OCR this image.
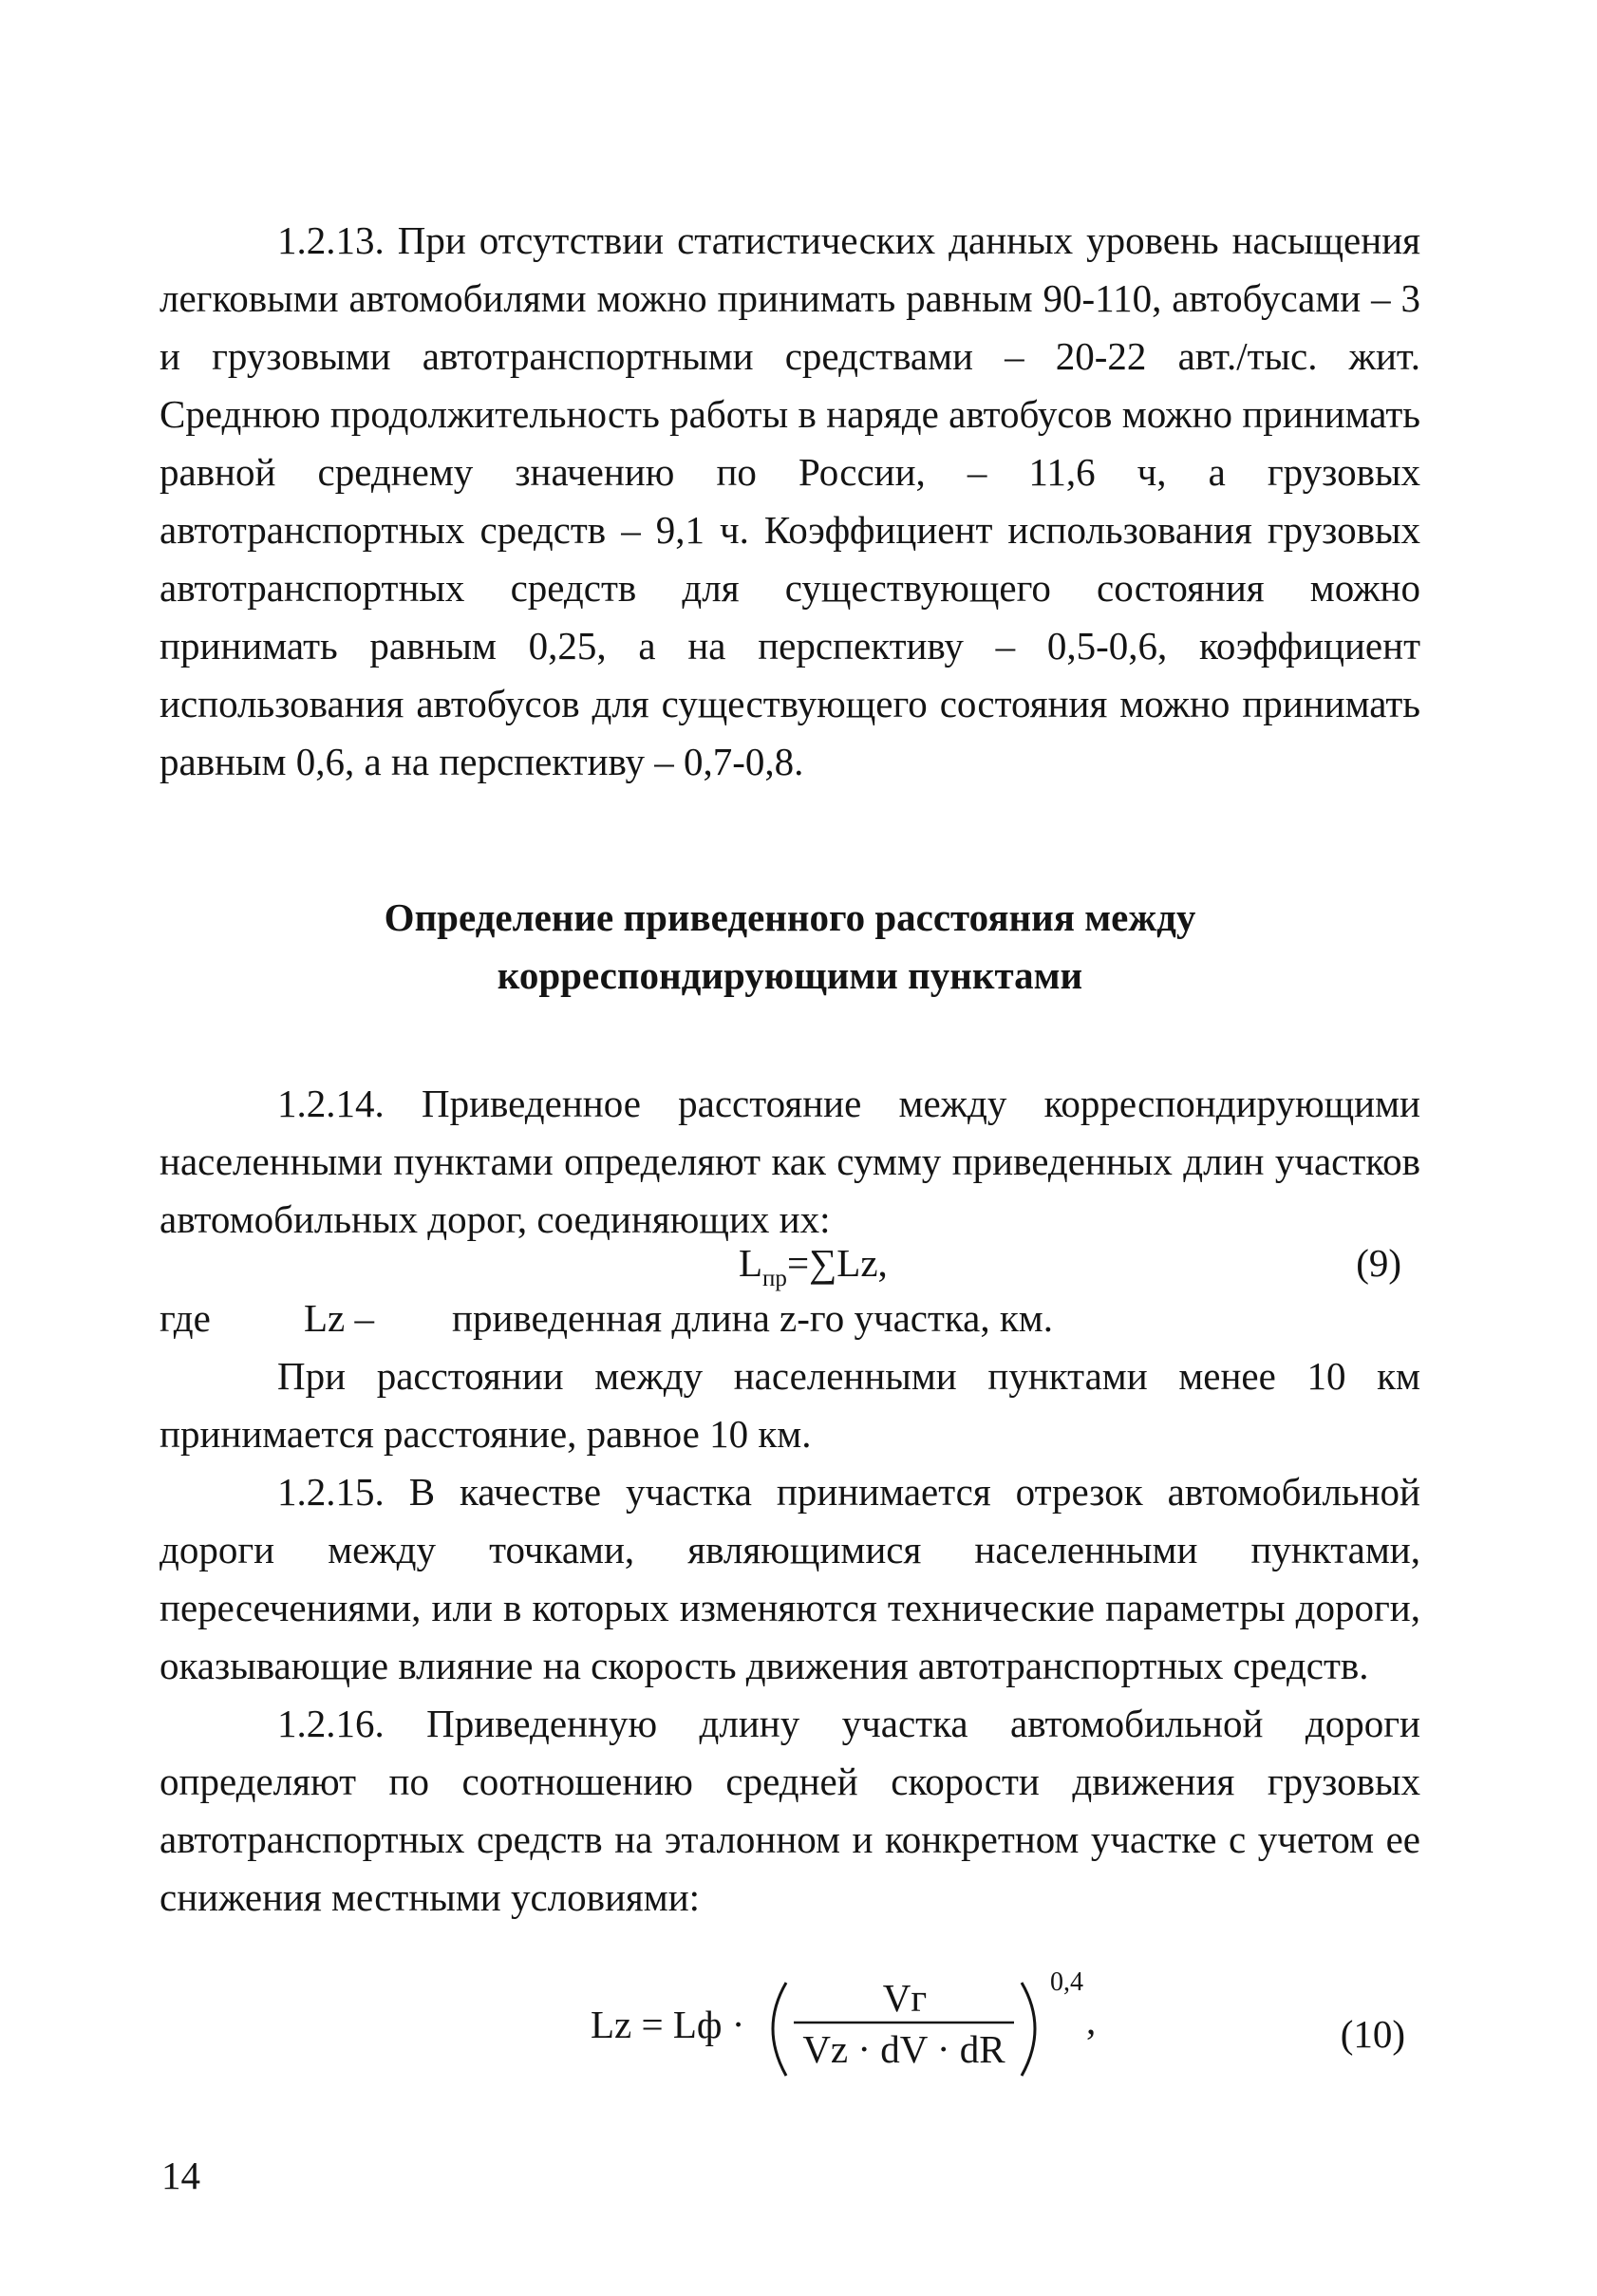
1.2.13. При отсутствии статистических данных уровень насыщения легковыми автомобилями можно принимать равным 90-110, автобусами – 3 и грузовыми автотранспортными средствами – 20-22 авт./тыс. жит. Среднюю продолжительность работы в наряде автобусов можно принимать равной среднему значению по России, – 11,6 ч, а грузовых автотранспортных средств – 9,1 ч. Коэффициент использования грузовых автотранспортных средств для существующего состояния можно принимать равным 0,25, а на перспективу – 0,5-0,6, коэффициент использования автобусов для существующего состояния можно принимать равным 0,6, а на перспективу – 0,7-0,8.

Определение приведенного расстояния между
корреспондирующими пунктами

1.2.14. Приведенное расстояние между корреспондирующими населенными пунктами определяют как сумму приведенных длин участков автомобильных дорог, соединяющих их:

$L_{пр}=\sum Lz$,	(9)
где Lz – приведенная длина z-го участка, км.

При расстоянии между населенными пунктами менее 10 км принимается расстояние, равное 10 км.

1.2.15. В качестве участка принимается отрезок автомобильной дороги между точками, являющимися населенными пунктами, пересечениями, или в которых изменяются технические параметры дороги, оказывающие влияние на скорость движения автотранспортных средств.

1.2.16. Приведенную длину участка автомобильной дороги определяют по соотношению средней скорости движения грузовых автотранспортных средств на эталонном и конкретном участке с учетом ее снижения местными условиями:

Lz = Lф ·
Vг
Vz · dV · dR
0,4
,	(10)
14
